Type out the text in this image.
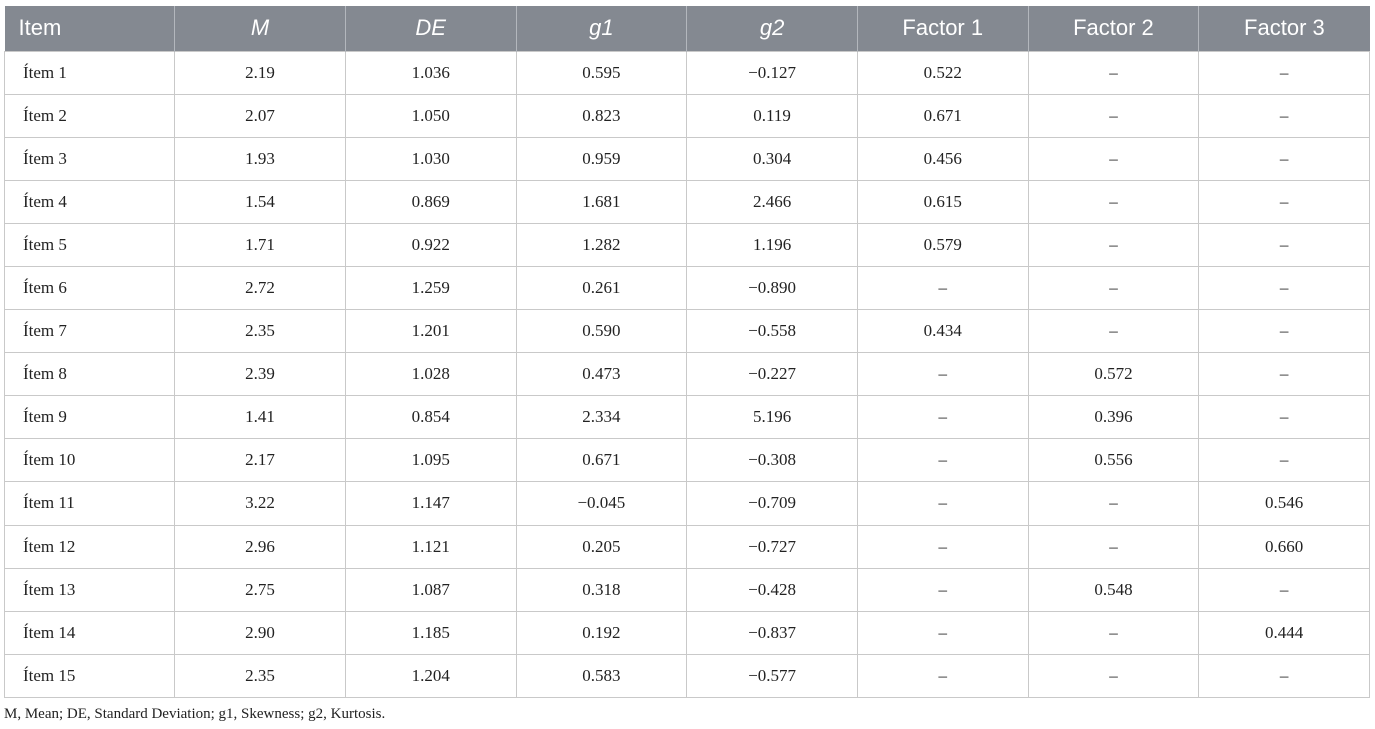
Item	M	DE	g1	g2	Factor 1	Factor 2	Factor 3
Ítem 1	2.19	1.036	0.595	−0.127	0.522	–	–
Ítem 2	2.07	1.050	0.823	0.119	0.671	–	–
Ítem 3	1.93	1.030	0.959	0.304	0.456	–	–
Ítem 4	1.54	0.869	1.681	2.466	0.615	–	–
Ítem 5	1.71	0.922	1.282	1.196	0.579	–	–
Ítem 6	2.72	1.259	0.261	−0.890	–	–	–
Ítem 7	2.35	1.201	0.590	−0.558	0.434	–	–
Ítem 8	2.39	1.028	0.473	−0.227	–	0.572	–
Ítem 9	1.41	0.854	2.334	5.196	–	0.396	–
Ítem 10	2.17	1.095	0.671	−0.308	–	0.556	–
Ítem 11	3.22	1.147	−0.045	−0.709	–	–	0.546
Ítem 12	2.96	1.121	0.205	−0.727	–	–	0.660
Ítem 13	2.75	1.087	0.318	−0.428	–	0.548	–
Ítem 14	2.90	1.185	0.192	−0.837	–	–	0.444
Ítem 15	2.35	1.204	0.583	−0.577	–	–	–
M, Mean; DE, Standard Deviation; g1, Skewness; g2, Kurtosis.
